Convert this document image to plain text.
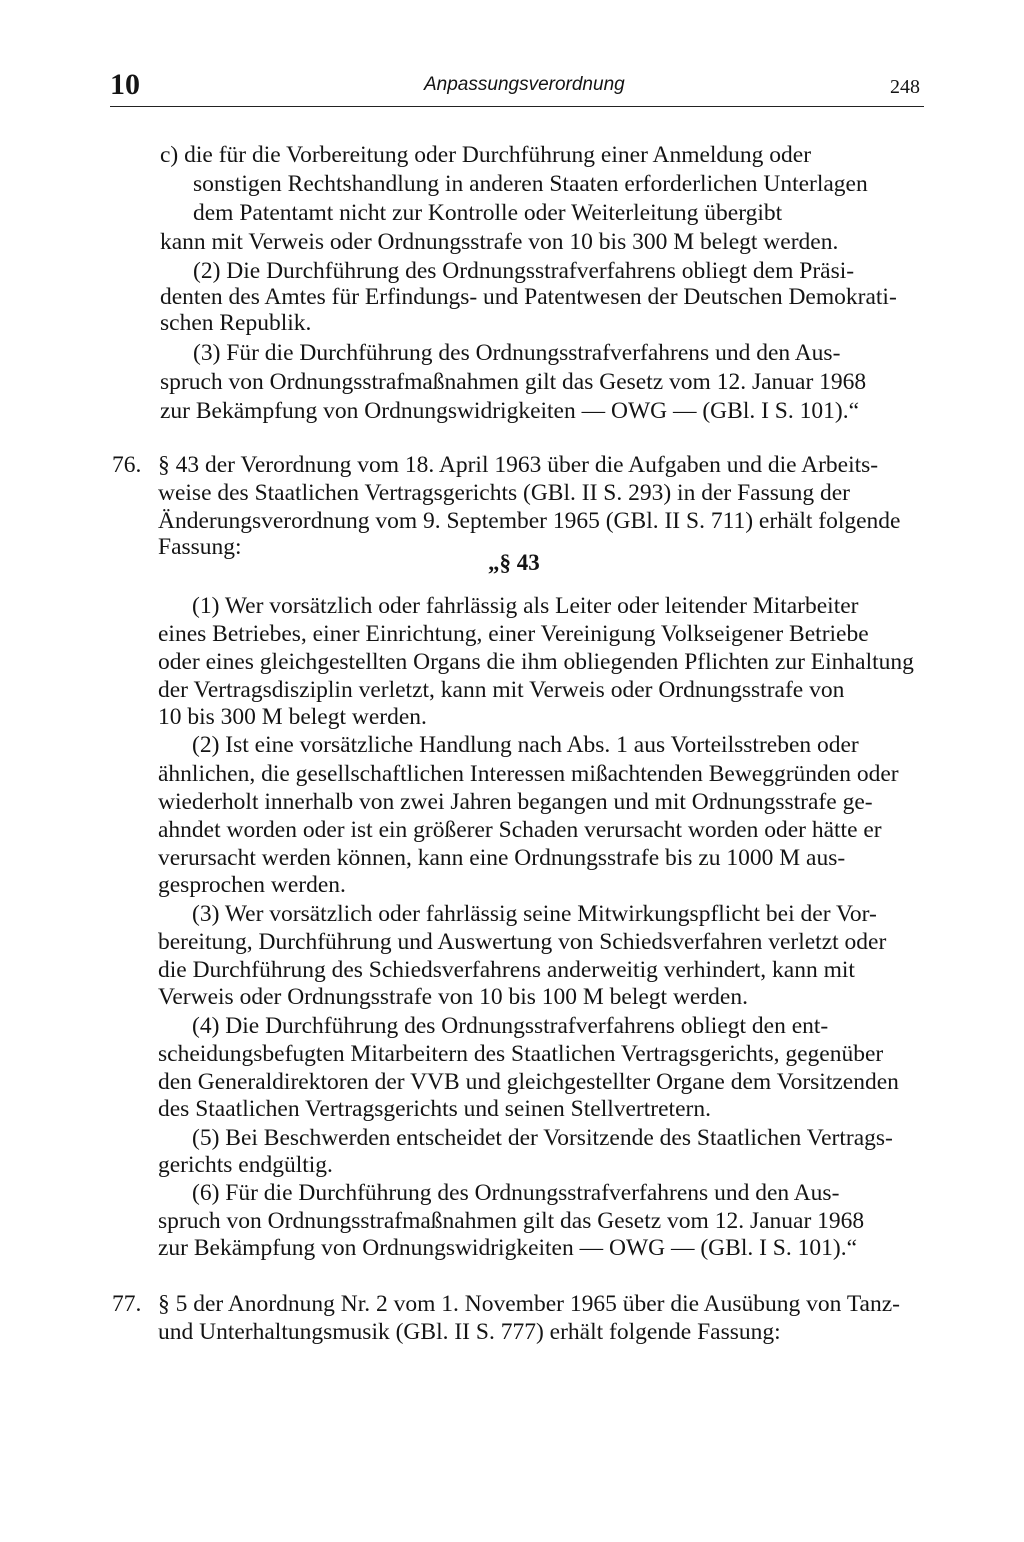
10	Anpassungsverordnung	248
c) die für die Vorbereitung oder Durchführung einer Anmeldung oder
sonstigen Rechtshandlung in anderen Staaten erforderlichen Unterlagen
dem Patentamt nicht zur Kontrolle oder Weiterleitung übergibt
kann mit Verweis oder Ordnungsstrafe von 10 bis 300 M belegt werden.
(2) Die Durchführung des Ordnungsstrafverfahrens obliegt dem Präsi-
denten des Amtes für Erfindungs- und Patentwesen der Deutschen Demokrati-
schen Republik.
(3) Für die Durchführung des Ordnungsstrafverfahrens und den Aus-
spruch von Ordnungsstrafmaßnahmen gilt das Gesetz vom 12. Januar 1968
zur Bekämpfung von Ordnungswidrigkeiten — OWG — (GBl. I S. 101).“
76. § 43 der Verordnung vom 18. April 1963 über die Aufgaben und die Arbeits-
weise des Staatlichen Vertragsgerichts (GBl. II S. 293) in der Fassung der
Änderungsverordnung vom 9. September 1965 (GBl. II S. 711) erhält folgende
Fassung:
„§ 43
(1) Wer vorsätzlich oder fahrlässig als Leiter oder leitender Mitarbeiter
eines Betriebes, einer Einrichtung, einer Vereinigung Volkseigener Betriebe
oder eines gleichgestellten Organs die ihm obliegenden Pflichten zur Einhaltung
der Vertragsdisziplin verletzt, kann mit Verweis oder Ordnungsstrafe von
10 bis 300 M belegt werden.
(2) Ist eine vorsätzliche Handlung nach Abs. 1 aus Vorteilsstreben oder
ähnlichen, die gesellschaftlichen Interessen mißachtenden Beweggründen oder
wiederholt innerhalb von zwei Jahren begangen und mit Ordnungsstrafe ge-
ahndet worden oder ist ein größerer Schaden verursacht worden oder hätte er
verursacht werden können, kann eine Ordnungsstrafe bis zu 1000 M aus-
gesprochen werden.
(3) Wer vorsätzlich oder fahrlässig seine Mitwirkungspflicht bei der Vor-
bereitung, Durchführung und Auswertung von Schiedsverfahren verletzt oder
die Durchführung des Schiedsverfahrens anderweitig verhindert, kann mit
Verweis oder Ordnungsstrafe von 10 bis 100 M belegt werden.
(4) Die Durchführung des Ordnungsstrafverfahrens obliegt den ent-
scheidungsbefugten Mitarbeitern des Staatlichen Vertragsgerichts, gegenüber
den Generaldirektoren der VVB und gleichgestellter Organe dem Vorsitzenden
des Staatlichen Vertragsgerichts und seinen Stellvertretern.
(5) Bei Beschwerden entscheidet der Vorsitzende des Staatlichen Vertrags-
gerichts endgültig.
(6) Für die Durchführung des Ordnungsstrafverfahrens und den Aus-
spruch von Ordnungsstrafmaßnahmen gilt das Gesetz vom 12. Januar 1968
zur Bekämpfung von Ordnungswidrigkeiten — OWG — (GBl. I S. 101).“
77. § 5 der Anordnung Nr. 2 vom 1. November 1965 über die Ausübung von Tanz-
und Unterhaltungsmusik (GBl. II S. 777) erhält folgende Fassung:
